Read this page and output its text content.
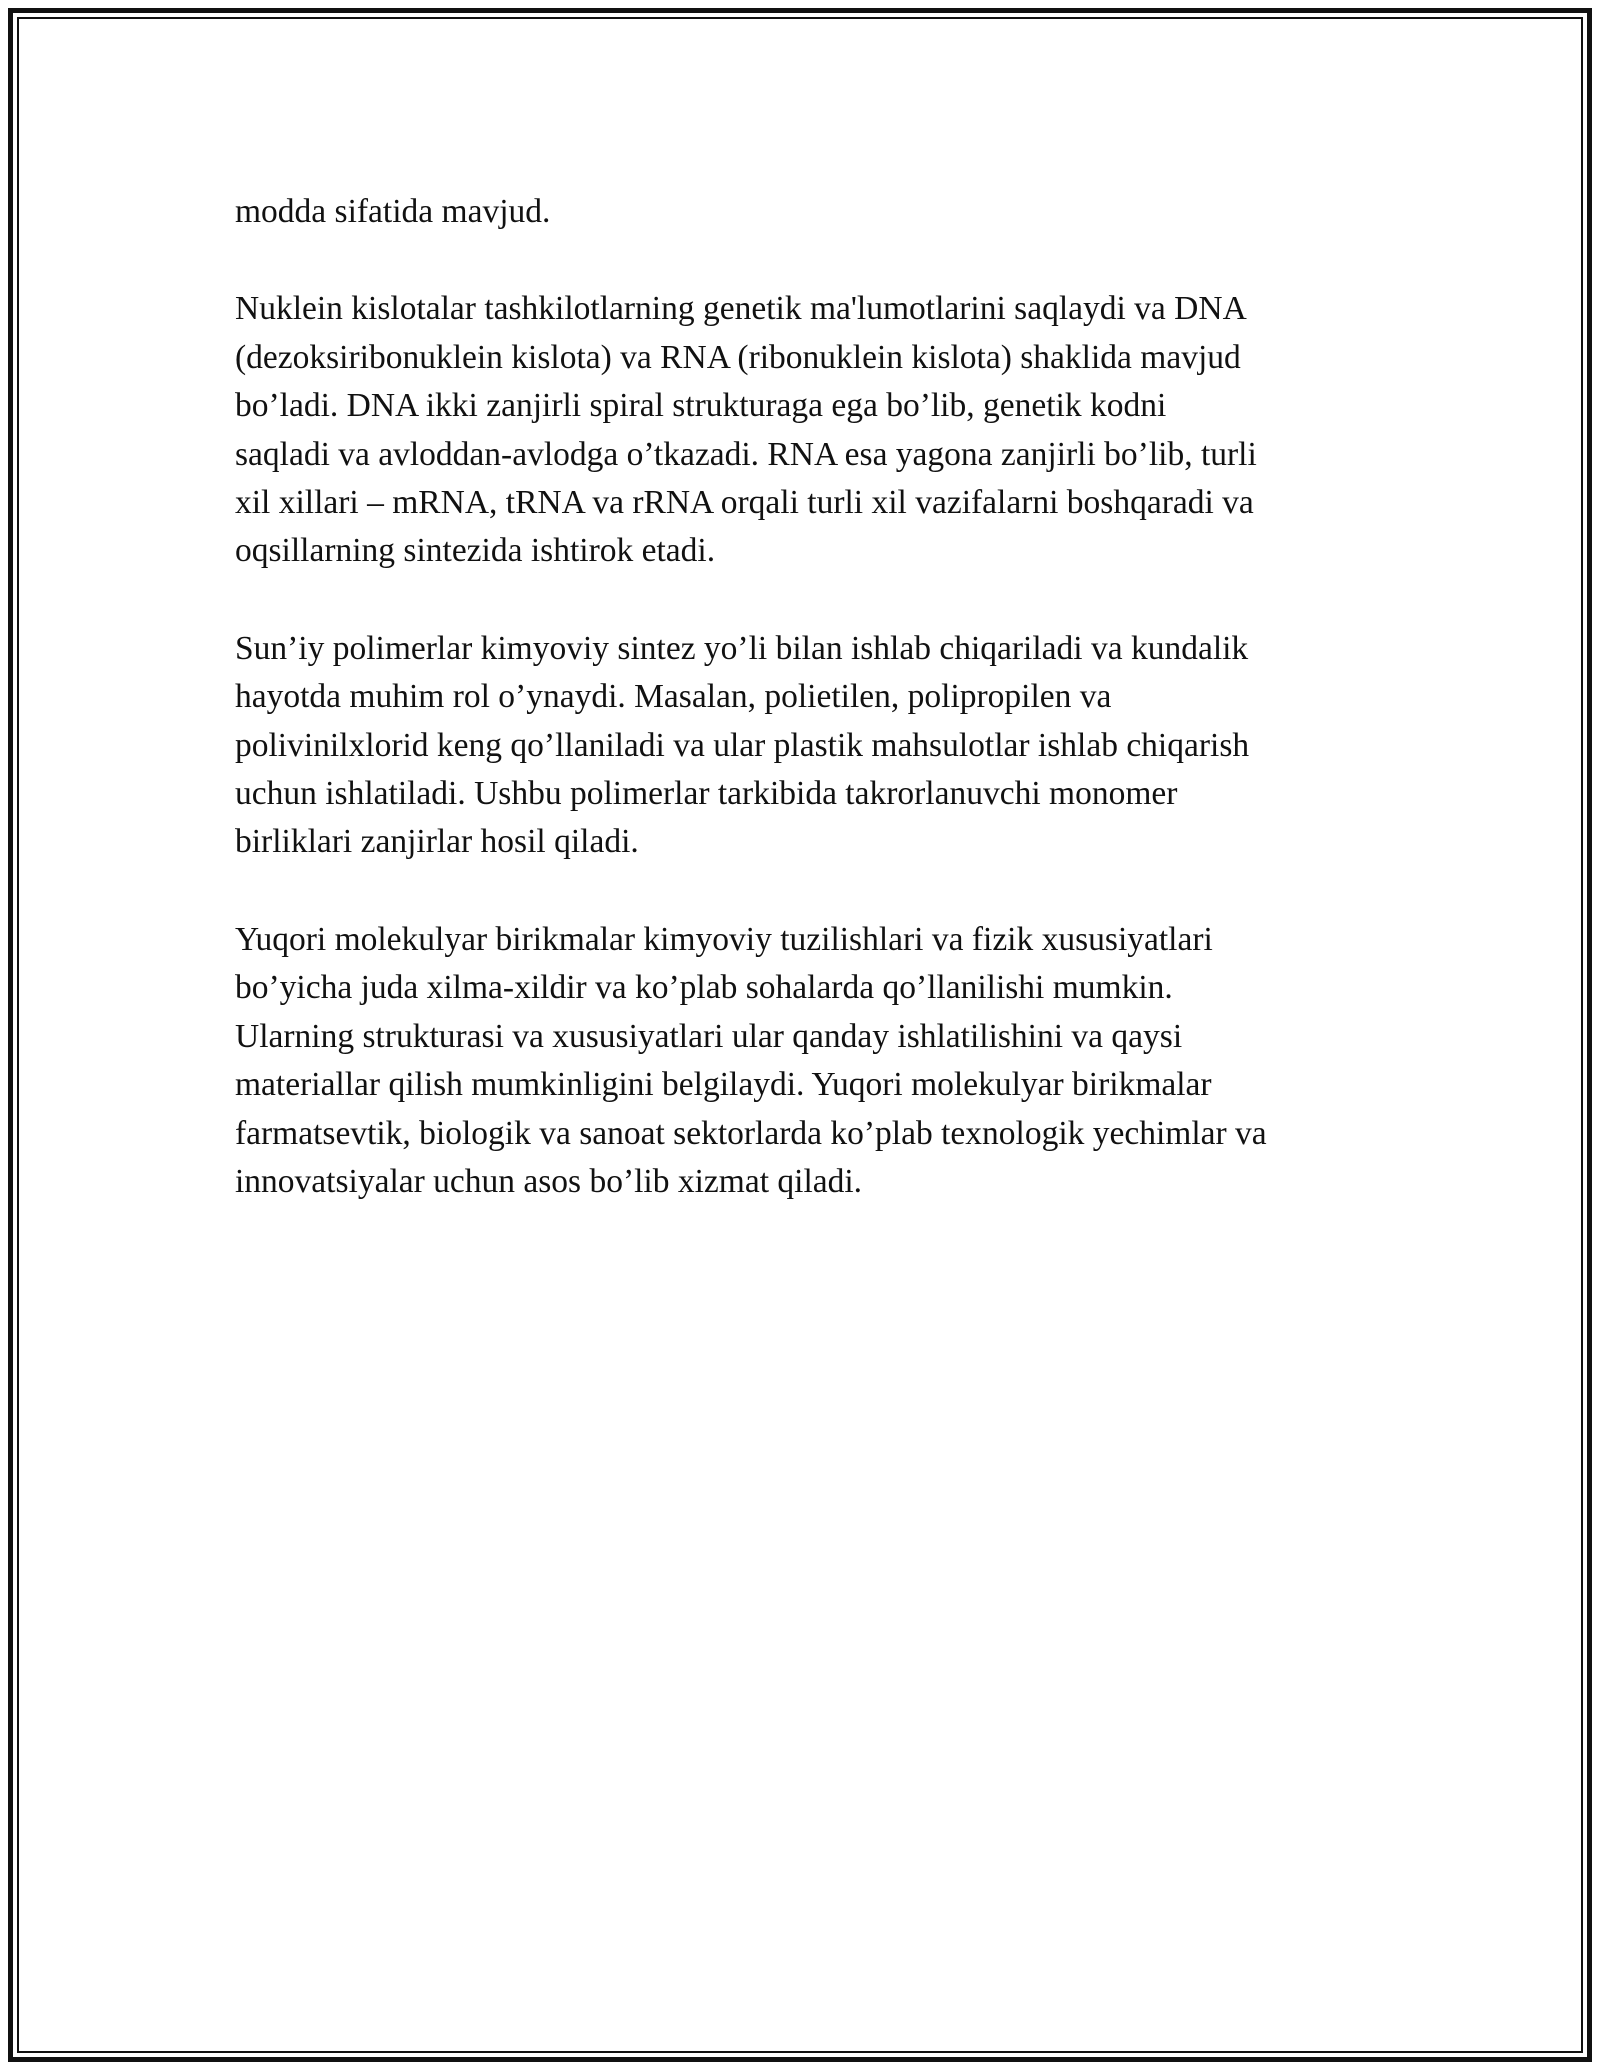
modda sifatida mavjud.

Nuklein kislotalar tashkilotlarning genetik ma'lumotlarini saqlaydi va DNA
(dezoksiribonuklein kislota) va RNA (ribonuklein kislota) shaklida mavjud
bo’ladi. DNA ikki zanjirli spiral strukturaga ega bo’lib, genetik kodni
saqladi va avloddan-avlodga o’tkazadi. RNA esa yagona zanjirli bo’lib, turli
xil xillari – mRNA, tRNA va rRNA orqali turli xil vazifalarni boshqaradi va
oqsillarning sintezida ishtirok etadi.

Sun’iy polimerlar kimyoviy sintez yo’li bilan ishlab chiqariladi va kundalik
hayotda muhim rol o’ynaydi. Masalan, polietilen, polipropilen va
polivinilxlorid keng qo’llaniladi va ular plastik mahsulotlar ishlab chiqarish
uchun ishlatiladi. Ushbu polimerlar tarkibida takrorlanuvchi monomer
birliklari zanjirlar hosil qiladi.

Yuqori molekulyar birikmalar kimyoviy tuzilishlari va fizik xususiyatlari
bo’yicha juda xilma-xildir va ko’plab sohalarda qo’llanilishi mumkin.
Ularning strukturasi va xususiyatlari ular qanday ishlatilishini va qaysi
materiallar qilish mumkinligini belgilaydi. Yuqori molekulyar birikmalar
farmatsevtik, biologik va sanoat sektorlarda ko’plab texnologik yechimlar va
innovatsiyalar uchun asos bo’lib xizmat qiladi.
